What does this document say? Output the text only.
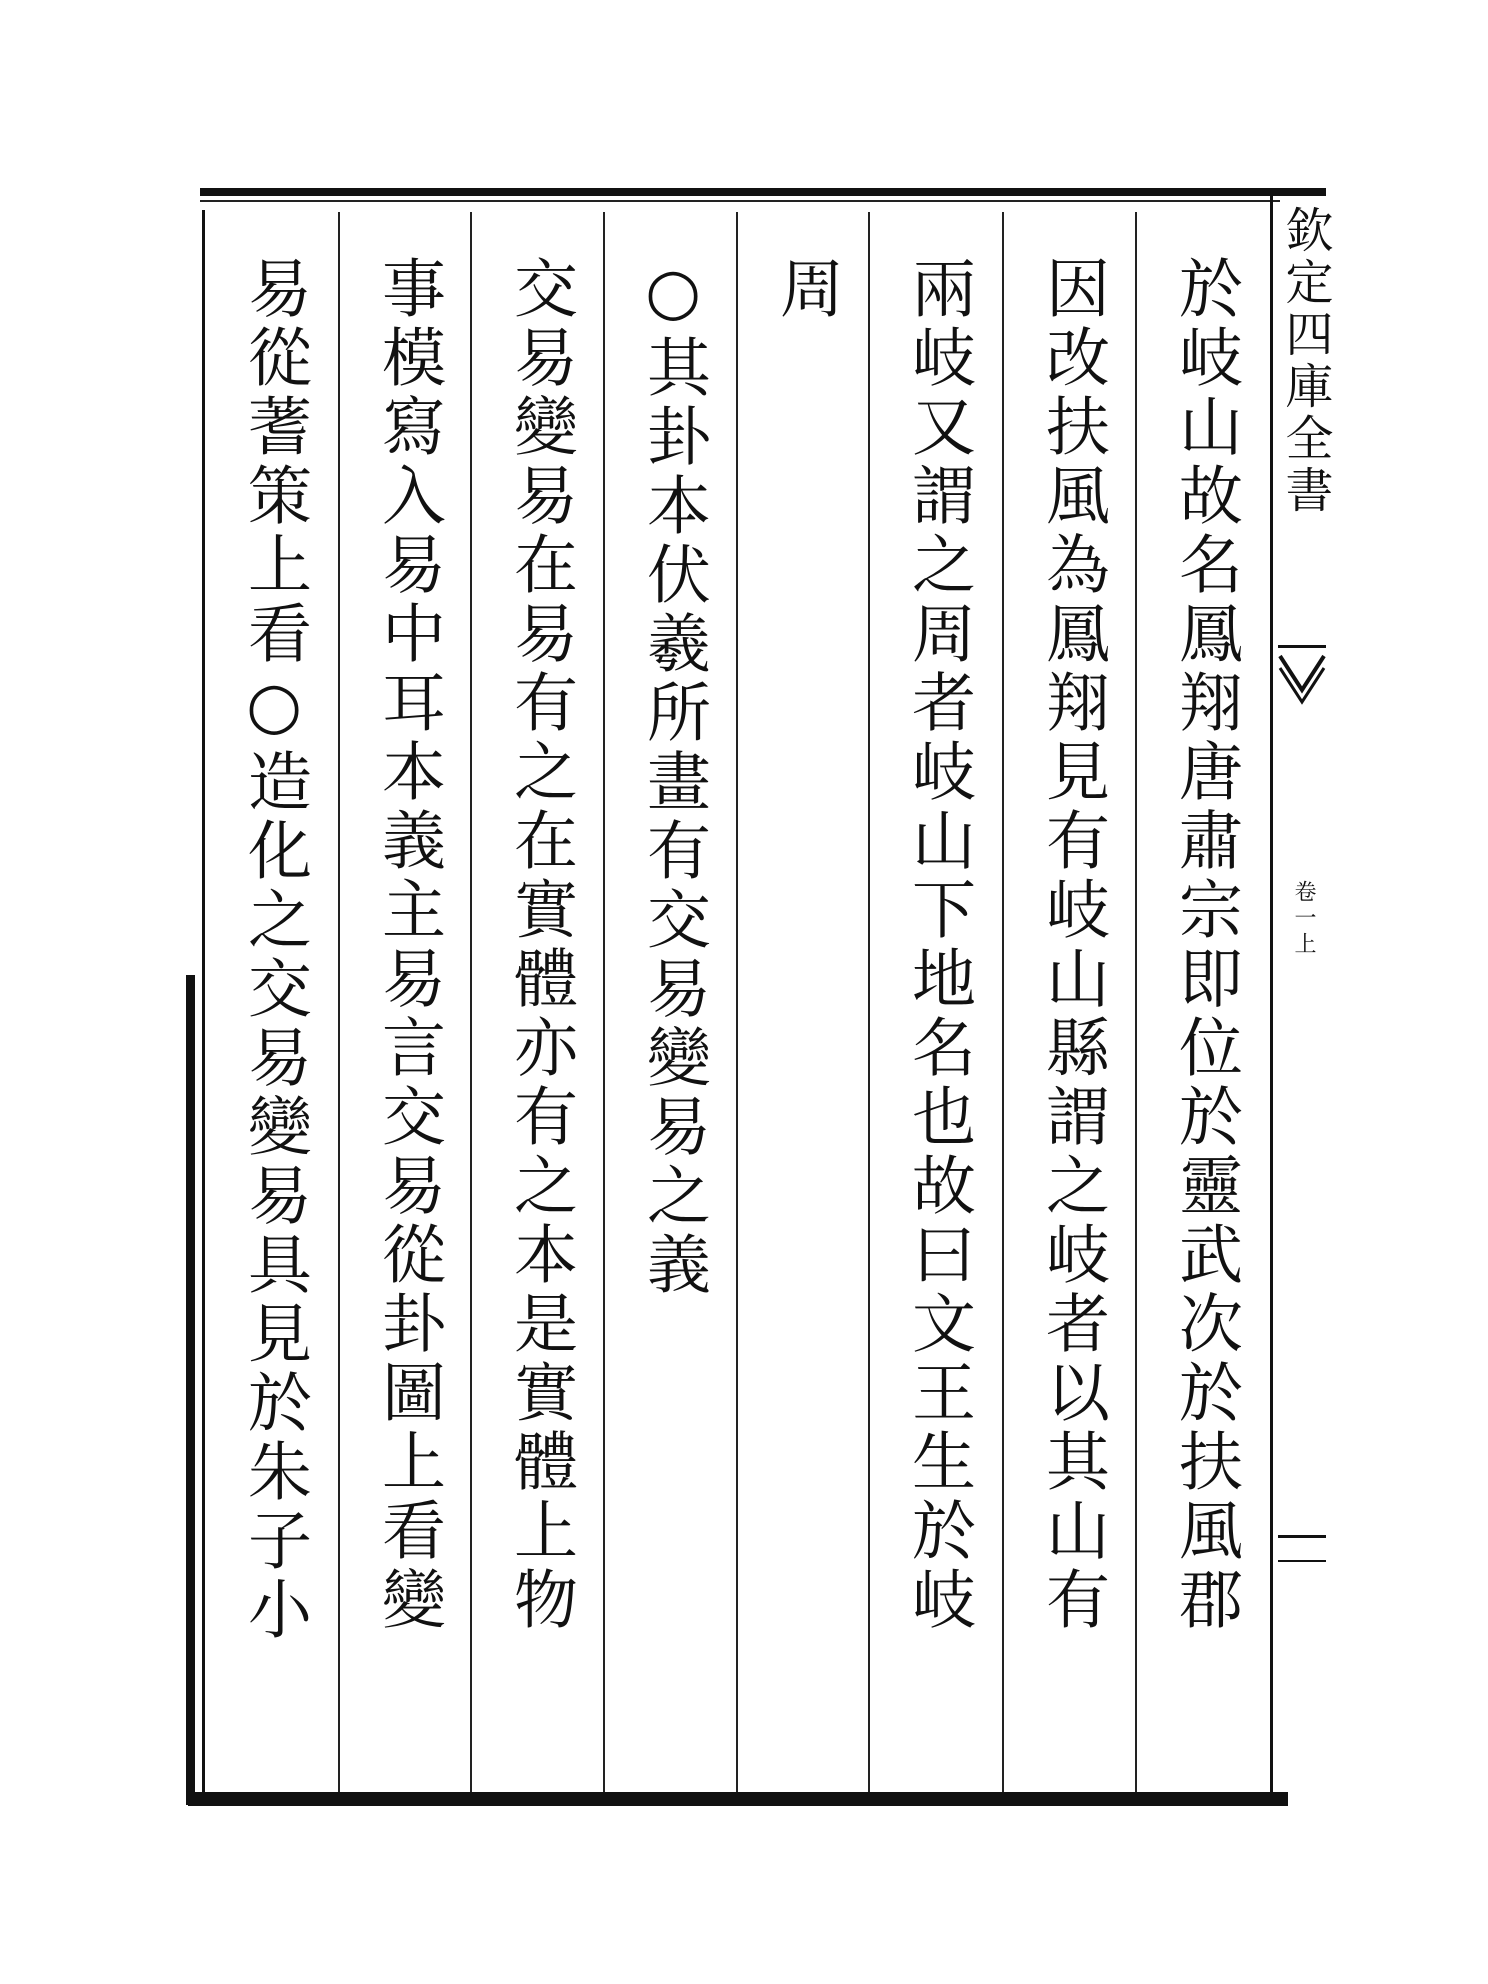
於岐山故名鳳翔唐肅宗即位於靈武次於扶風郡
因改扶風為鳳翔見有岐山縣謂之岐者以其山有
兩岐又謂之周者岐山下地名也故曰文王生於岐
周
○其卦本伏羲所畫有交易變易之義
交易變易在易有之在實體亦有之本是實體上物
事模寫入易中耳本義主易言交易從卦圖上看變
易從蓍策上看○造化之交易變易具見於朱子小	欽定四庫全書
卷一上
